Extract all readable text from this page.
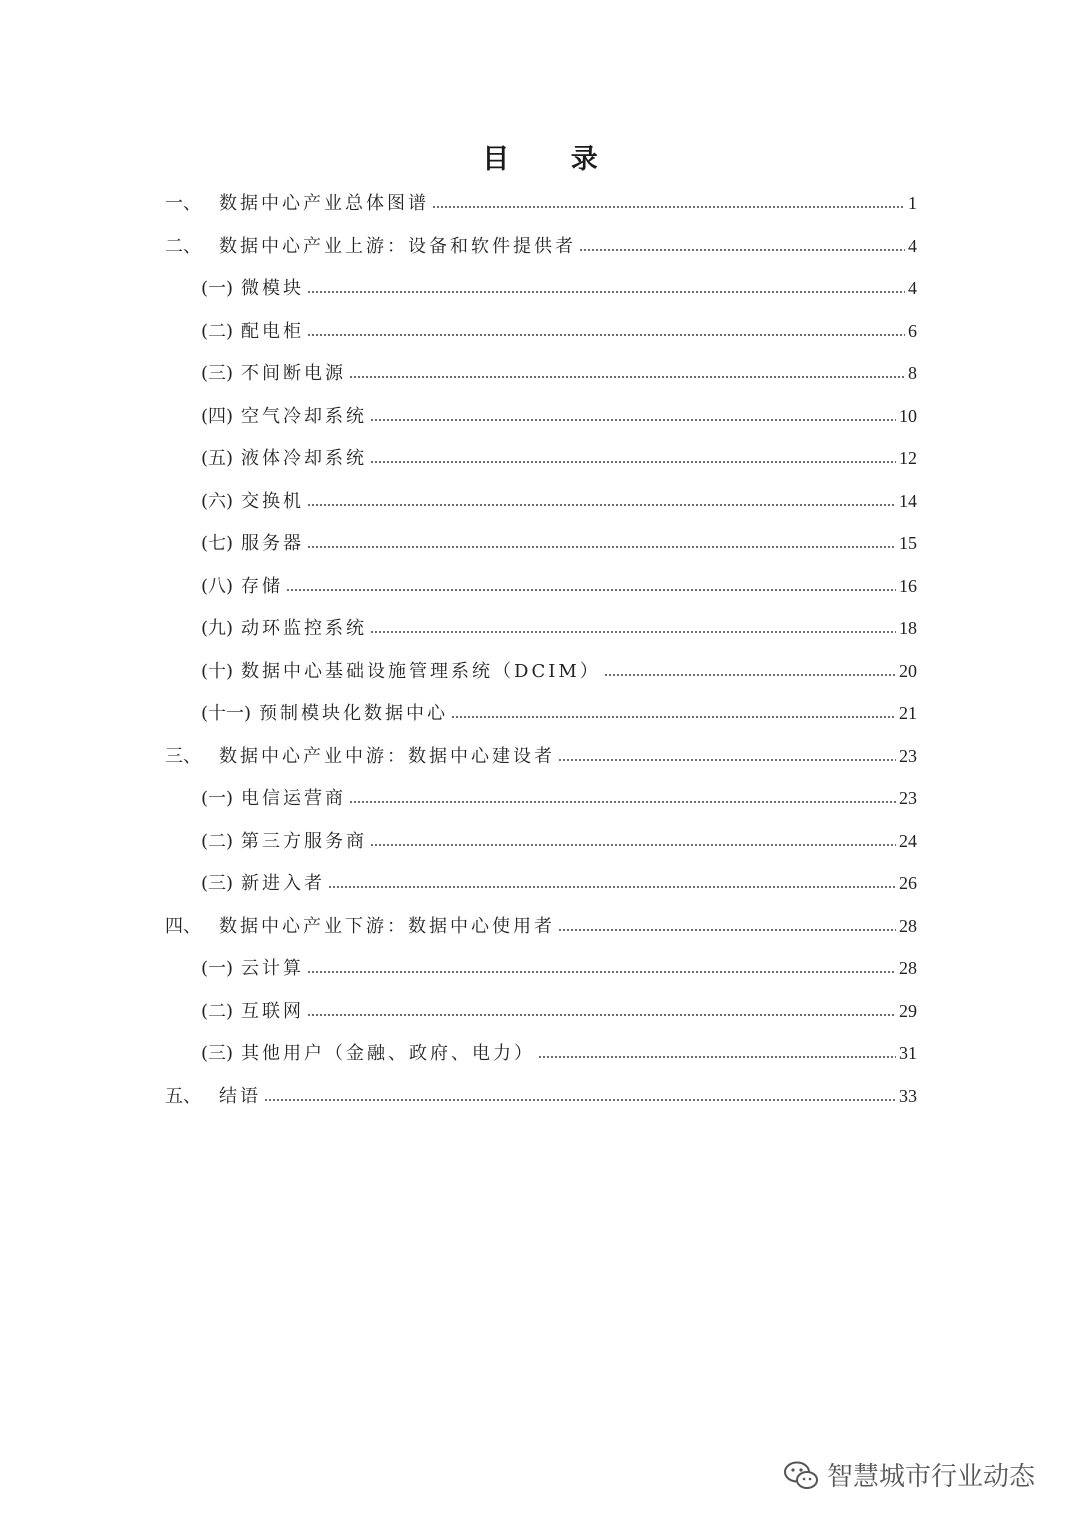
目 录
一、	数据中心产业总体图谱	1
二、	数据中心产业上游：设备和软件提供者	4
(一) 微模块	4
(二) 配电柜	6
(三) 不间断电源	8
(四) 空气冷却系统	10
(五) 液体冷却系统	12
(六) 交换机	14
(七) 服务器	15
(八) 存储	16
(九) 动环监控系统	18
(十) 数据中心基础设施管理系统（DCIM）	20
(十一) 预制模块化数据中心	21
三、	数据中心产业中游：数据中心建设者	23
(一) 电信运营商	23
(二) 第三方服务商	24
(三) 新进入者	26
四、	数据中心产业下游：数据中心使用者	28
(一) 云计算	28
(二) 互联网	29
(三) 其他用户（金融、政府、电力）	31
五、	结语	33
智慧城市行业动态
